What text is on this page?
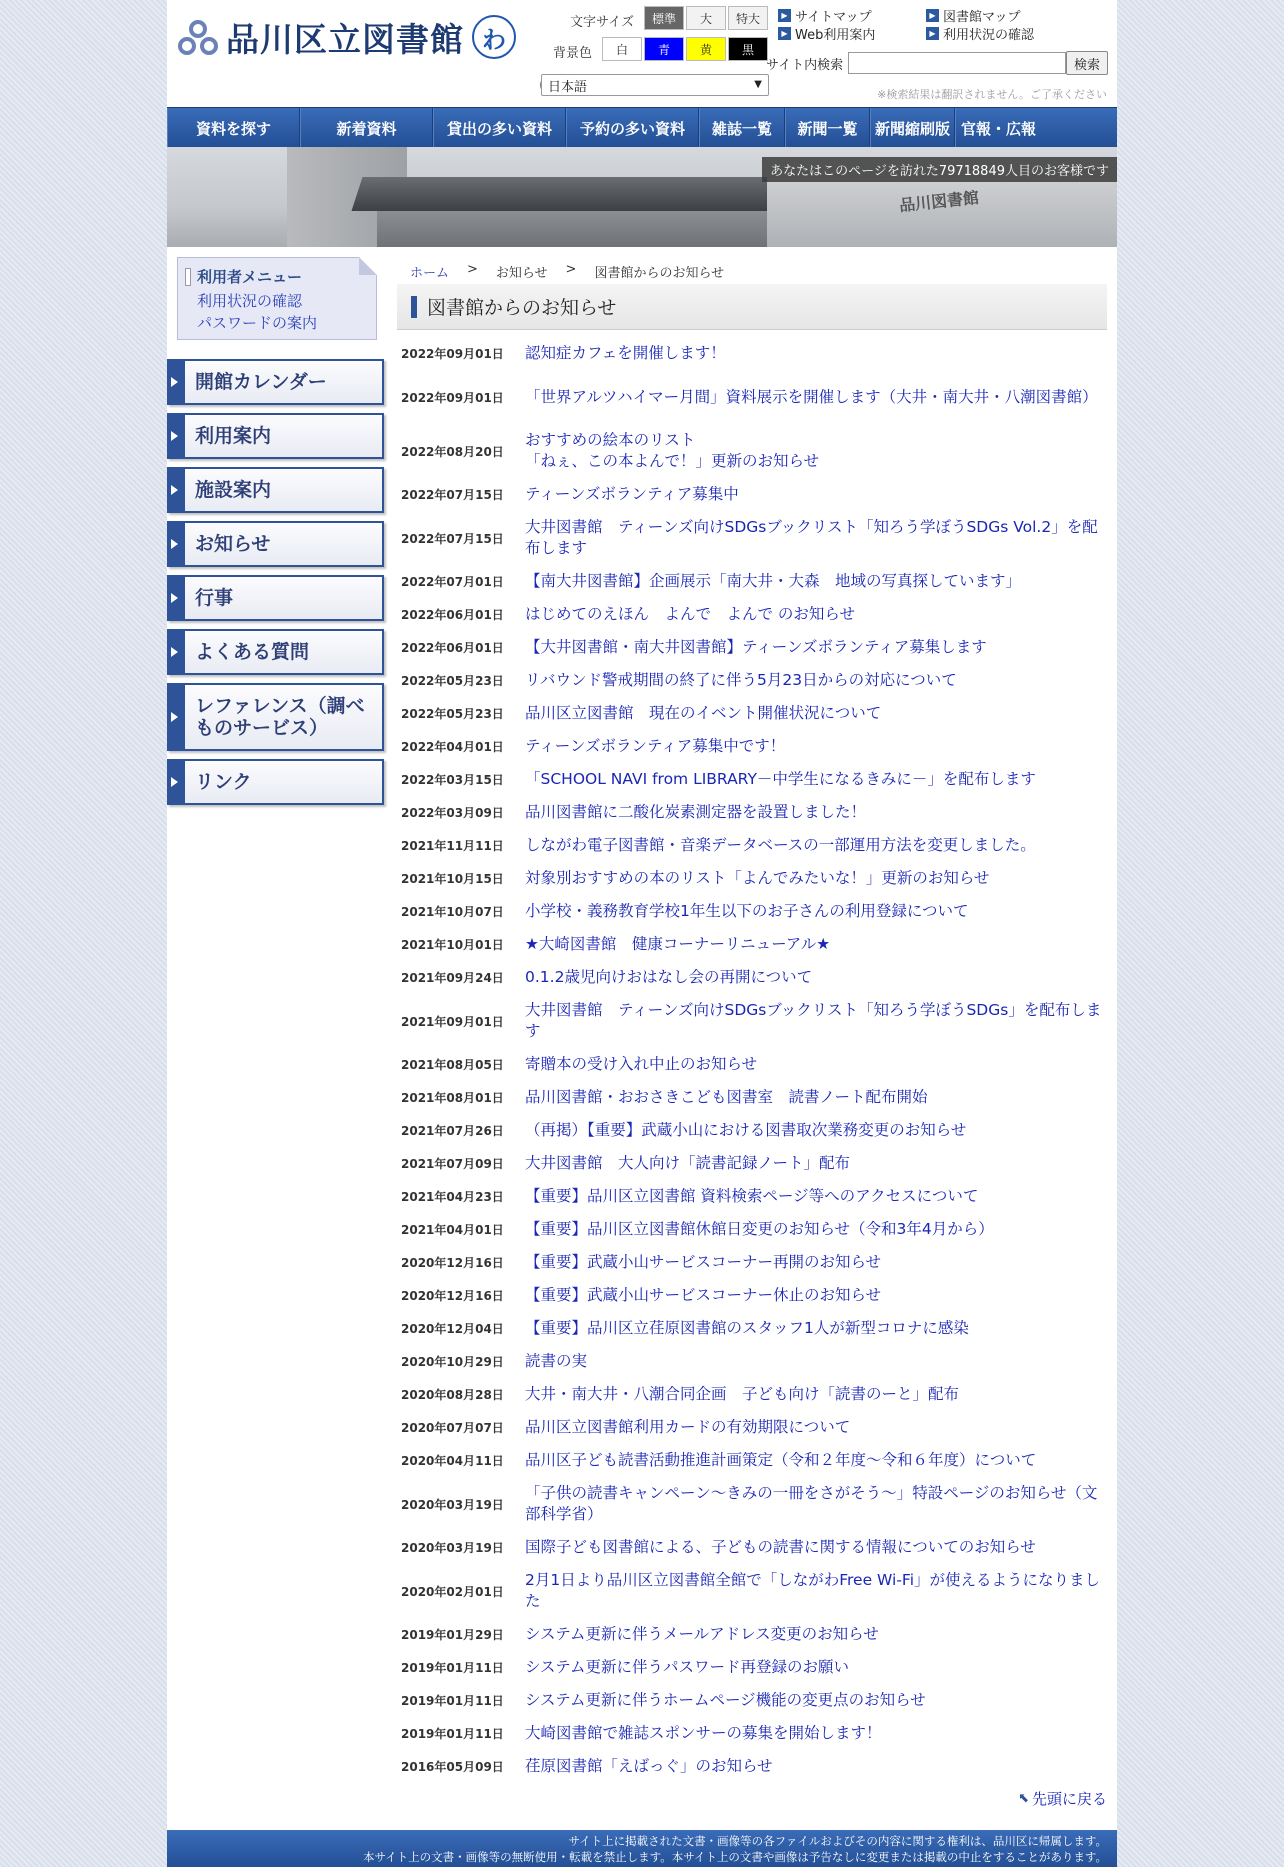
品川区立図書館 わ
文字サイズ	標準	大	特大
背景色	白	青	黄	黒
▶ サイトマップ	▶ 図書館マップ
▶ Web利用案内	▶ 利用状況の確認
日本語	▼
サイト内検索	検索
※検索結果は翻訳されません。ご了承ください
資料を探す	新着資料	貸出の多い資料	予約の多い資料	雑誌一覧	新聞一覧	新聞縮刷版 官報・広報
品川図書館
あなたはこのページを訪れた79718849人目のお客様です
利用者メニュー
利用状況の確認
パスワードの案内
開館カレンダー
利用案内
施設案内
お知らせ
行事
よくある質問
レファレンス（調べものサービス）
リンク
ホーム > お知らせ > 図書館からのお知らせ
図書館からのお知らせ
2022年09月01日	認知症カフェを開催します！
2022年09月01日	「世界アルツハイマー月間」資料展示を開催します（大井・南大井・八潮図書館）
2022年08月20日
おすすめの絵本のリスト
「ねぇ、この本よんで！」更新のお知らせ
2022年07月15日	ティーンズボランティア募集中
2022年07月15日
大井図書館　ティーンズ向けSDGsブックリスト「知ろう学ぼうSDGs Vol.2」を配布します
2022年07月01日	【南大井図書館】企画展示「南大井・大森　地域の写真探しています」
2022年06月01日	はじめてのえほん　よんで　よんで のお知らせ
2022年06月01日	【大井図書館・南大井図書館】ティーンズボランティア募集します
2022年05月23日	リバウンド警戒期間の終了に伴う5月23日からの対応について
2022年05月23日	品川区立図書館　現在のイベント開催状況について
2022年04月01日	ティーンズボランティア募集中です！
2022年03月15日	「SCHOOL NAVI from LIBRARY－中学生になるきみに－」を配布します
2022年03月09日	品川図書館に二酸化炭素測定器を設置しました！
2021年11月11日	しながわ電子図書館・音楽データベースの一部運用方法を変更しました。
2021年10月15日	対象別おすすめの本のリスト「よんでみたいな！」更新のお知らせ
2021年10月07日	小学校・義務教育学校1年生以下のお子さんの利用登録について
2021年10月01日	★大崎図書館　健康コーナーリニューアル★
2021年09月24日	0.1.2歳児向けおはなし会の再開について
2021年09月01日
大井図書館　ティーンズ向けSDGsブックリスト「知ろう学ぼうSDGs」を配布します
2021年08月05日	寄贈本の受け入れ中止のお知らせ
2021年08月01日	品川図書館・おおさきこども図書室　読書ノート配布開始
2021年07月26日	（再掲）【重要】武蔵小山における図書取次業務変更のお知らせ
2021年07月09日	大井図書館　大人向け「読書記録ノート」配布
2021年04月23日	【重要】品川区立図書館 資料検索ページ等へのアクセスについて
2021年04月01日	【重要】品川区立図書館休館日変更のお知らせ（令和3年4月から）
2020年12月16日	【重要】武蔵小山サービスコーナー再開のお知らせ
2020年12月16日	【重要】武蔵小山サービスコーナー休止のお知らせ
2020年12月04日	【重要】品川区立荏原図書館のスタッフ1人が新型コロナに感染
2020年10月29日	読書の実
2020年08月28日	大井・南大井・八潮合同企画　子ども向け「読書のーと」配布
2020年07月07日	品川区立図書館利用カードの有効期限について
2020年04月11日	品川区子ども読書活動推進計画策定（令和２年度～令和６年度）について
2020年03月19日
「子供の読書キャンペーン～きみの一冊をさがそう～」特設ページのお知らせ（文部科学省）
2020年03月19日	国際子ども図書館による、子どもの読書に関する情報についてのお知らせ
2020年02月01日
2月1日より品川区立図書館全館で「しながわFree Wi-Fi」が使えるようになりました
2019年01月29日	システム更新に伴うメールアドレス変更のお知らせ
2019年01月11日	システム更新に伴うパスワード再登録のお願い
2019年01月11日	システム更新に伴うホームページ機能の変更点のお知らせ
2019年01月11日	大崎図書館で雑誌スポンサーの募集を開始します！
2016年05月09日	荏原図書館「えばっぐ」のお知らせ
⬉ 先頭に戻る
サイト上に掲載された文書・画像等の各ファイルおよびその内容に関する権利は、品川区に帰属します。
本サイト上の文書・画像等の無断使用・転載を禁止します。本サイト上の文書や画像は予告なしに変更または掲載の中止をすることがあります。
